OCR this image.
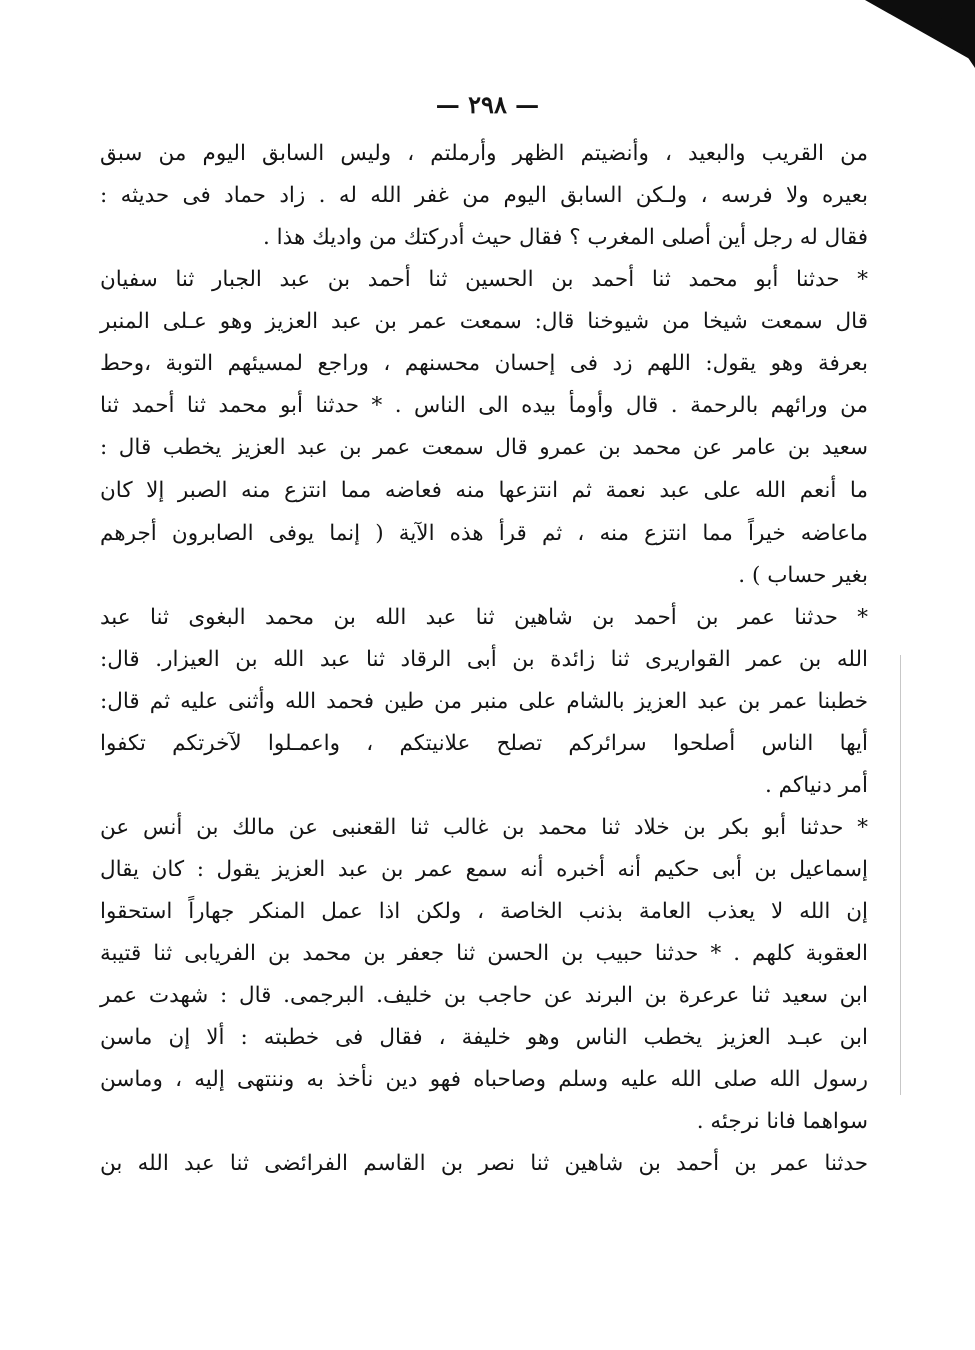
— ٢٩٨ —
من القريب والبعيد ، وأنضيتم الظهر وأرملتم ، وليس السابق اليوم من سبق
بعيره ولا فرسه ، ولـكن السابق اليوم من غفر الله له . زاد حماد فى حديثه :
فقال له رجل أين أصلى المغرب ؟ فقال حيث أدركتك من واديك هذا .
* حدثنا أبو محمد ثنا أحمد بن الحسين ثنا أحمد بن عبد الجبار ثنا سفيان
قال سمعت شيخا من شيوخنا قال: سمعت عمر بن عبد العزيز وهو عـلى المنبر
بعرفة وهو يقول: اللهم زد فى إحسان محسنهم ، وراجع لمسيئهم التوبة ،وحط
من ورائهم بالرحمة . قال وأومأ بيده الى الناس . * حدثنا أبو محمد ثنا أحمد ثنا
سعيد بن عامر عن محمد بن عمرو قال سمعت عمر بن عبد العزيز يخطب قال :
ما أنعم الله على عبد نعمة ثم انتزعها منه فعاضه مما انتزع منه الصبر إلا كان
ماعاضه خيراً مما انتزع منه ، ثم قرأ هذه الآية ( إنما يوفى الصابرون أجرهم
بغير حساب ) .
* حدثنا عمر بن أحمد بن شاهين ثنا عبد الله بن محمد البغوى ثنا عبد
الله بن عمر القواريرى ثنا زائدة بن أبى الرقاد ثنا عبد الله بن العيزار. قال:
خطبنا عمر بن عبد العزيز بالشام على منبر من طين فحمد الله وأثنى عليه ثم قال:
أيها الناس أصلحوا سرائركم تصلح علانيتكم ، واعمـلوا لآخرتكم تكفوا
أمر دنياكم .
* حدثنا أبو بكر بن خلاد ثنا محمد بن غالب ثنا القعنبى عن مالك بن أنس عن
إسماعيل بن أبى حكيم أنه أخبره أنه سمع عمر بن عبد العزيز يقول : كان يقال
إن الله لا يعذب العامة بذنب الخاصة ، ولكن اذا عمل المنكر جهاراً استحقوا
العقوبة كلهم . * حدثنا حبيب بن الحسن ثنا جعفر بن محمد بن الفريابى ثنا قتيبة
ابن سعيد ثنا عرعرة بن البرند عن حاجب بن خليف. البرجمى. قال : شهدت عمر
ابن عبـد العزيز يخطب الناس وهو خليفة ، فقال فى خطبته : ألا إن ماسن
رسول الله صلى الله عليه وسلم وصاحباه فهو دين نأخذ به وننتهى إليه ، وماسن
سواهما فانا نرجئه .
حدثنا عمر بن أحمد بن شاهين ثنا نصر بن القاسم الفرائضى ثنا عبد الله بن
